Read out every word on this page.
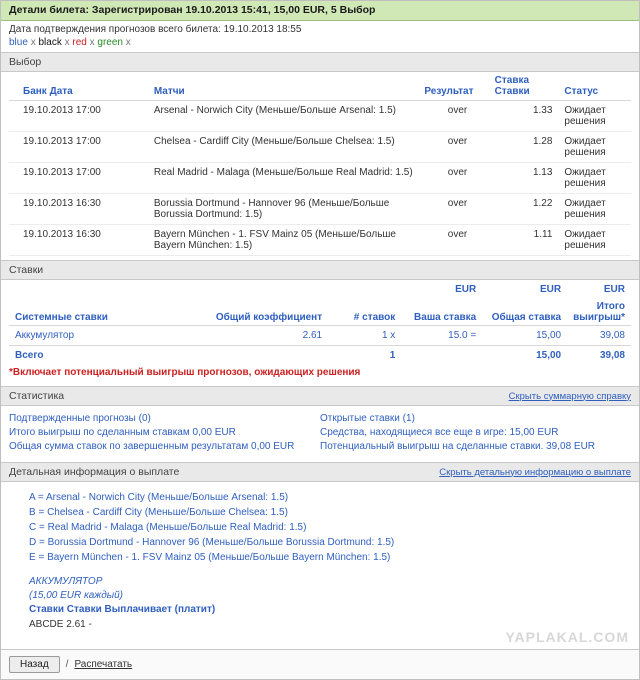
Детали билета: Зарегистрирован 19.10.2013 15:41, 15,00 EUR, 5 Выбор
Дата подтверждения прогнозов всего билета: 19.10.2013 18:55
blue x black x red x green x
Выбор
Банк Дата	Матчи	Результат	Ставка Ставки	Статус
19.10.2013 17:00	Arsenal - Norwich City (Меньше/Больше Arsenal: 1.5)	over	1.33	Ожидает решения
19.10.2013 17:00	Chelsea - Cardiff City (Меньше/Больше Chelsea: 1.5)	over	1.28	Ожидает решения
19.10.2013 17:00	Real Madrid - Malaga (Меньше/Больше Real Madrid: 1.5)	over	1.13	Ожидает решения
19.10.2013 16:30	Borussia Dortmund - Hannover 96 (Меньше/Больше Borussia Dortmund: 1.5)	over	1.22	Ожидает решения
19.10.2013 16:30	Bayern München - 1. FSV Mainz 05 (Меньше/Больше Bayern München: 1.5)	over	1.11	Ожидает решения
Ставки
			EUR	EUR	EUR
Системные ставки	Общий коэффициент	# ставок	Ваша ставка	Общая ставка	Итого выигрыш*
Аккумулятор	2.61	1 x	15.0 =	15,00	39,08
Всего		1		15,00	39,08
*Включает потенциальный выигрыш прогнозов, ожидающих решения
Статистика	Скрыть суммарную справку
Подтвержденные прогнозы (0)
Итого выигрыш по сделанным ставкам 0,00 EUR
Общая сумма ставок по завершенным результатам 0,00 EUR
Открытые ставки (1)
Средства, находящиеся все еще в игре: 15,00 EUR
Потенциальный выигрыш на сделанные ставки. 39,08 EUR
Детальная информация о выплате	Скрыть детальную информацию о выплате
A = Arsenal - Norwich City (Меньше/Больше Arsenal: 1.5)
B = Chelsea - Cardiff City (Меньше/Больше Chelsea: 1.5)
C = Real Madrid - Malaga (Меньше/Больше Real Madrid: 1.5)
D = Borussia Dortmund - Hannover 96 (Меньше/Больше Borussia Dortmund: 1.5)
E = Bayern München - 1. FSV Mainz 05 (Меньше/Больше Bayern München: 1.5)
АККУМУЛЯТОР
(15,00 EUR каждый)
Ставки Ставки Выплачивает (платит)
ABCDE 2.61 -
YAPLAKAL.COM
Назад	/ Распечатать
